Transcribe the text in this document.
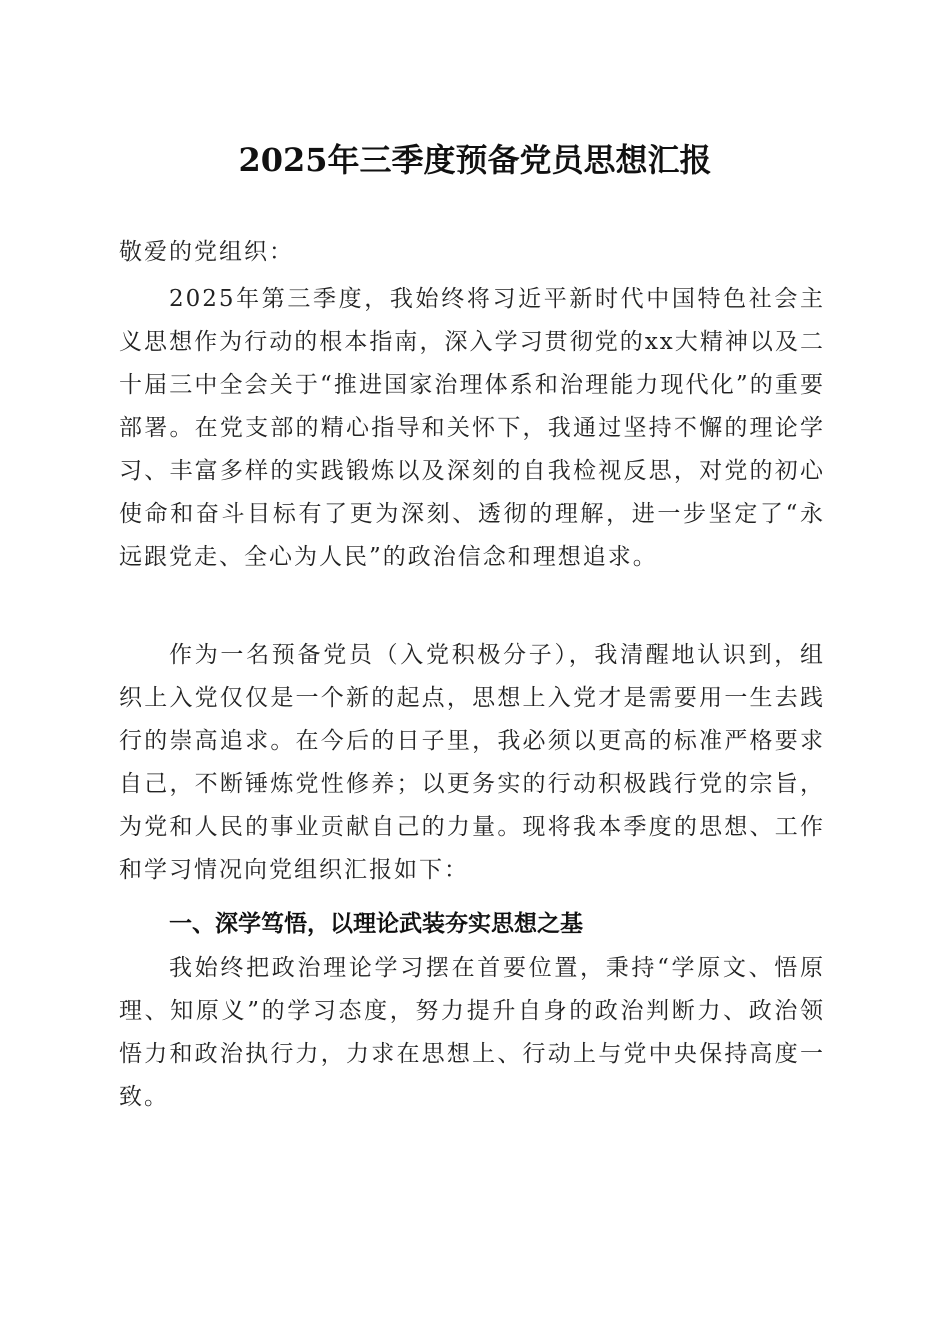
2025年三季度预备党员思想汇报
敬爱的党组织：

2025年第三季度，我始终将习近平新时代中国特色社会主义思想作为行动的根本指南，深入学习贯彻党的xx大精神以及二十届三中全会关于“推进国家治理体系和治理能力现代化”的重要部署。在党支部的精心指导和关怀下，我通过坚持不懈的理论学习、丰富多样的实践锻炼以及深刻的自我检视反思，对党的初心使命和奋斗目标有了更为深刻、透彻的理解，进一步坚定了“永远跟党走、全心为人民”的政治信念和理想追求。

作为一名预备党员（入党积极分子），我清醒地认识到，组织上入党仅仅是一个新的起点，思想上入党才是需要用一生去践行的崇高追求。在今后的日子里，我必须以更高的标准严格要求自己，不断锤炼党性修养；以更务实的行动积极践行党的宗旨，为党和人民的事业贡献自己的力量。现将我本季度的思想、工作和学习情况向党组织汇报如下：

一、深学笃悟，以理论武装夯实思想之基

我始终把政治理论学习摆在首要位置，秉持“学原文、悟原理、知原义”的学习态度，努力提升自身的政治判断力、政治领悟力和政治执行力，力求在思想上、行动上与党中央保持高度一致。
